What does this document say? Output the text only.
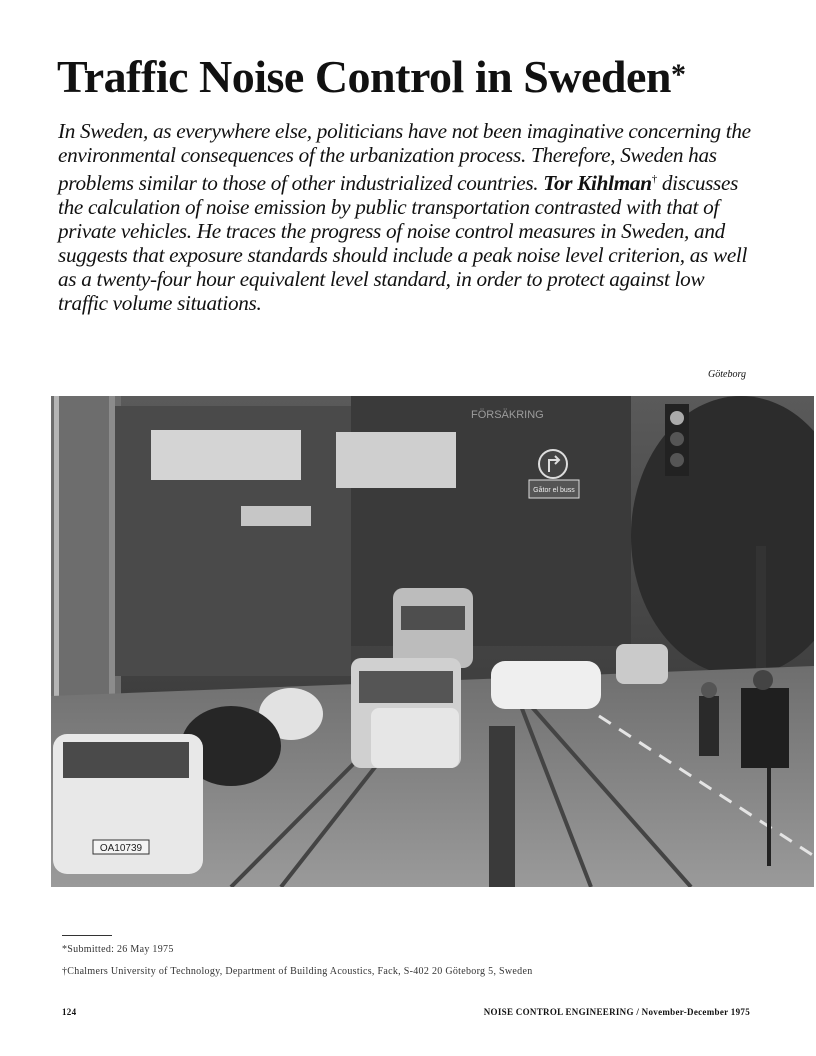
Traffic Noise Control in Sweden*

In Sweden, as everywhere else, politicians have not been imaginative concerning the environmental consequences of the urbanization process. Therefore, Sweden has problems similar to those of other industrialized countries. Tor Kihlman† discusses the calculation of noise emission by public transportation contrasted with that of private vehicles. He traces the progress of noise control measures in Sweden, and suggests that exposure standards should include a peak noise level criterion, as well as a twenty-four hour equivalent level standard, in order to protect against low traffic volume situations.

Göteborg
FÖRSÄKRING
Gåtor el buss
OA10739
*Submitted: 26 May 1975
†Chalmers University of Technology, Department of Building Acoustics, Fack, S-402 20 Göteborg 5, Sweden
124	NOISE CONTROL ENGINEERING / November-December 1975
